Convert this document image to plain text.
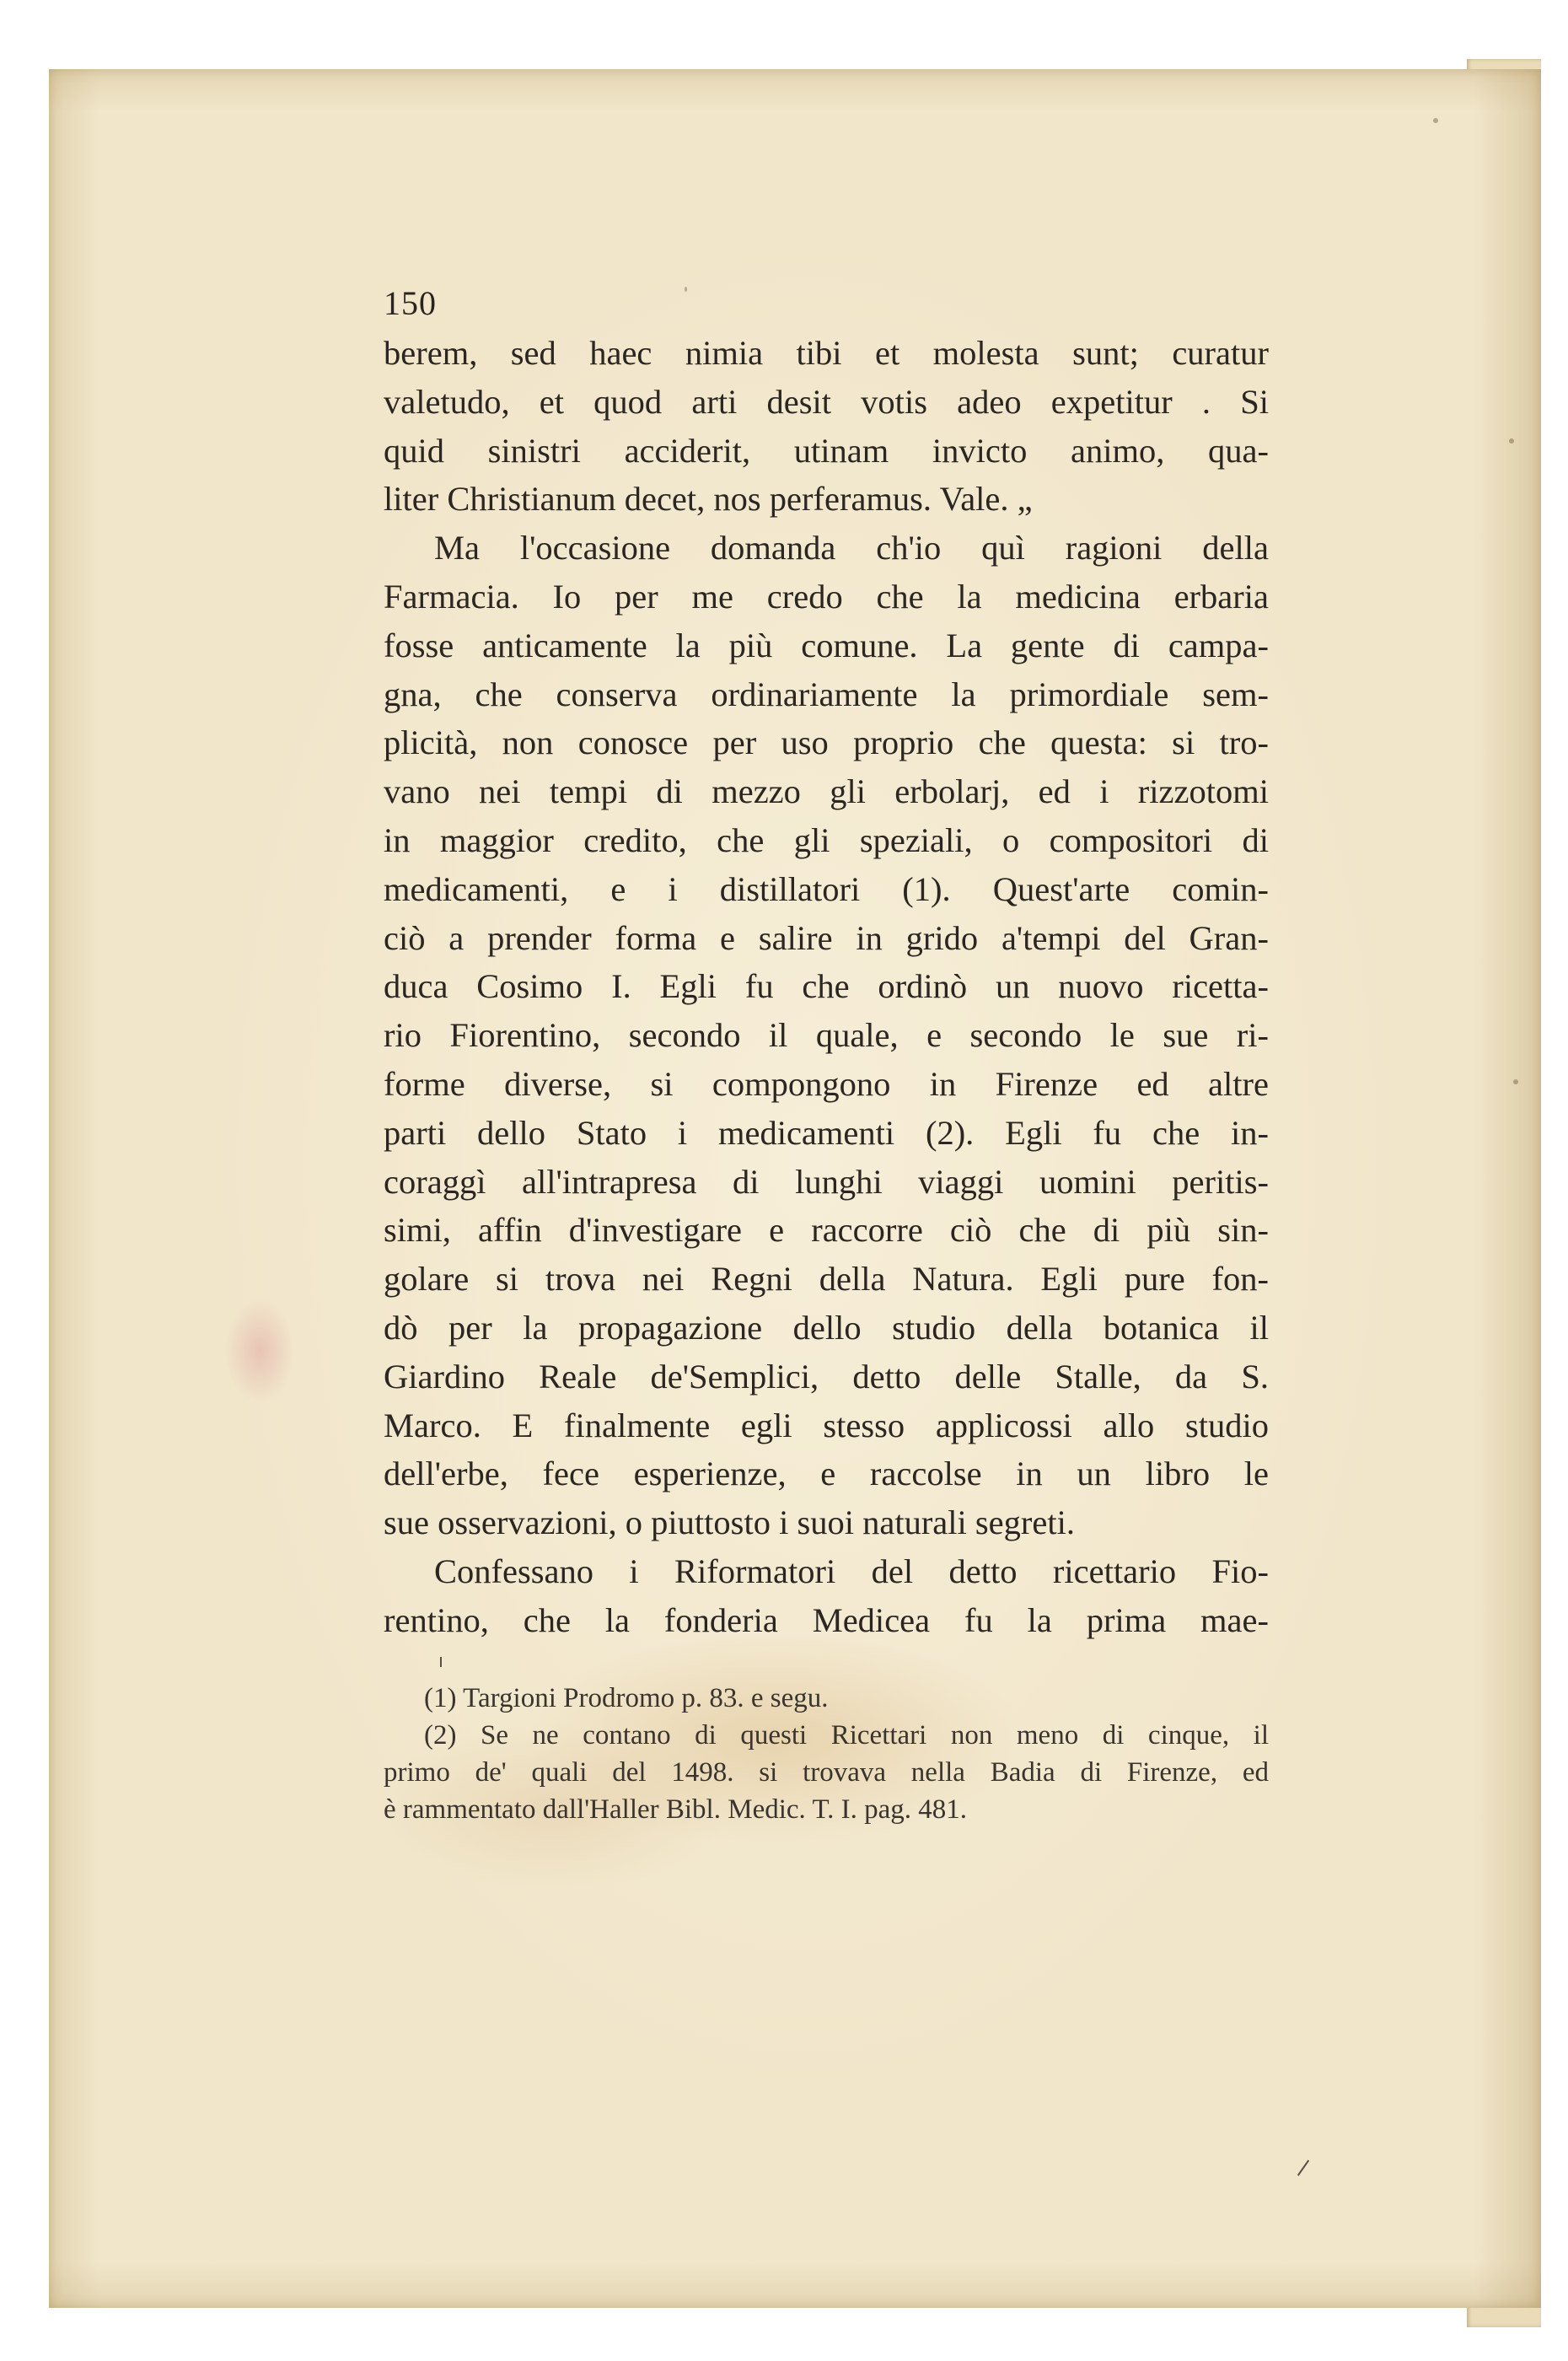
150
berem, sed haec nimia tibi et molesta sunt; curatur
valetudo, et quod arti desit votis adeo expetitur . Si
quid sinistri acciderit, utinam invicto animo, qua-
liter Christianum decet, nos perferamus. Vale. „
Ma l'occasione domanda ch'io quì ragioni della
Farmacia. Io per me credo che la medicina erbaria
fosse anticamente la più comune. La gente di campa-
gna, che conserva ordinariamente la primordiale sem-
plicità, non conosce per uso proprio che questa: si tro-
vano nei tempi di mezzo gli erbolarj, ed i rizzotomi
in maggior credito, che gli speziali, o compositori di
medicamenti, e i distillatori (1). Quest'arte comin-
ciò a prender forma e salire in grido a'tempi del Gran-
duca Cosimo I. Egli fu che ordinò un nuovo ricetta-
rio Fiorentino, secondo il quale, e secondo le sue ri-
forme diverse, si compongono in Firenze ed altre
parti dello Stato i medicamenti (2). Egli fu che in-
coraggì all'intrapresa di lunghi viaggi uomini peritis-
simi, affin d'investigare e raccorre ciò che di più sin-
golare si trova nei Regni della Natura. Egli pure fon-
dò per la propagazione dello studio della botanica il
Giardino Reale de'Semplici, detto delle Stalle, da S.
Marco. E finalmente egli stesso applicossi allo studio
dell'erbe, fece esperienze, e raccolse in un libro le
sue osservazioni, o piuttosto i suoi naturali segreti.
Confessano i Riformatori del detto ricettario Fio-
rentino, che la fonderia Medicea fu la prima mae-
(1) Targioni Prodromo p. 83. e segu.
(2) Se ne contano di questi Ricettari non meno di cinque, il
primo de' quali del 1498. si trovava nella Badia di Firenze, ed
è rammentato dall'Haller Bibl. Medic. T. I. pag. 481.
